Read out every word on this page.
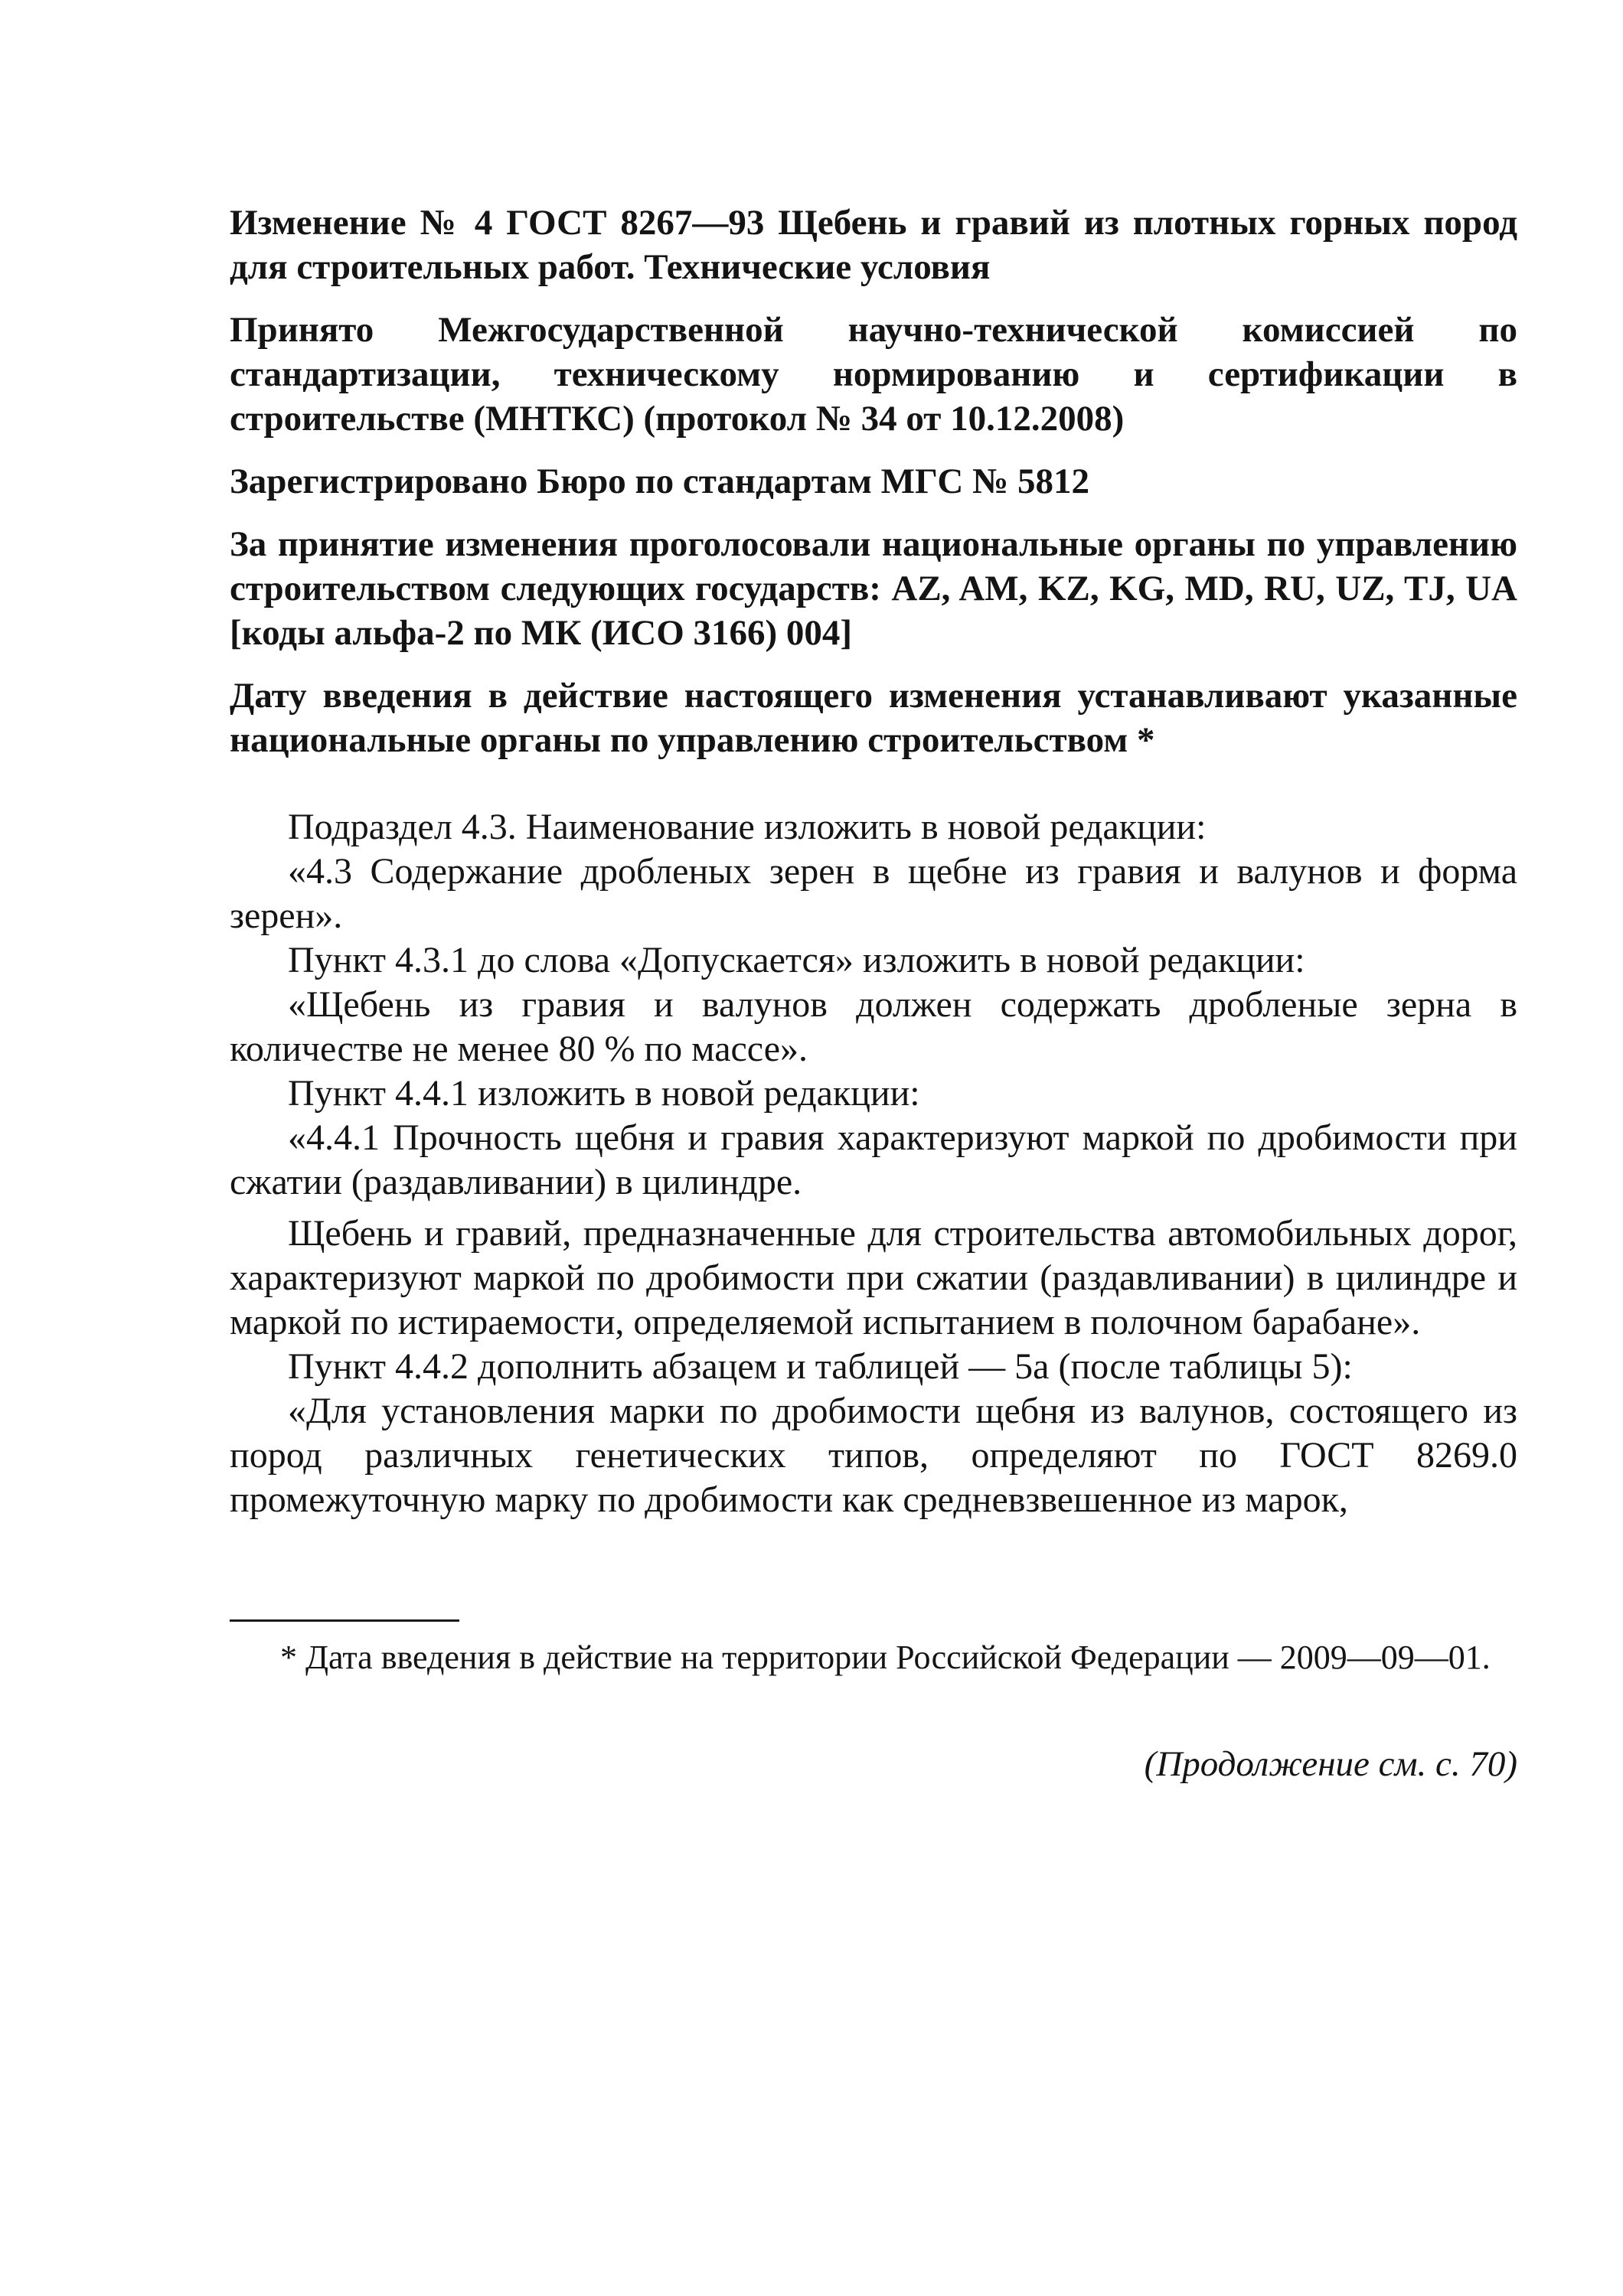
Изменение № 4 ГОСТ 8267—93 Щебень и гравий из плотных горных пород для строительных работ. Технические условия

Принято Межгосударственной научно-технической комиссией по стандартизации, техническому нормированию и сертификации в строительстве (МНТКС) (протокол № 34 от 10.12.2008)

Зарегистрировано Бюро по стандартам МГС № 5812

За принятие изменения проголосовали национальные органы по управлению строительством следующих государств: AZ, AM, KZ, KG, MD, RU, UZ, TJ, UA [коды альфа-2 по МК (ИСО 3166) 004]

Дату введения в действие настоящего изменения устанавливают указанные национальные органы по управлению строительством *

Подраздел 4.3. Наименование изложить в новой редакции:

«4.3 Содержание дробленых зерен в щебне из гравия и валунов и форма зерен».

Пункт 4.3.1 до слова «Допускается» изложить в новой редакции:

«Щебень из гравия и валунов должен содержать дробленые зерна в количестве не менее 80 % по массе».

Пункт 4.4.1 изложить в новой редакции:

«4.4.1 Прочность щебня и гравия характеризуют маркой по дробимости при сжатии (раздавливании) в цилиндре.

Щебень и гравий, предназначенные для строительства автомобильных дорог, характеризуют маркой по дробимости при сжатии (раздавливании) в цилиндре и маркой по истираемости, определяемой испытанием в полочном барабане».

Пункт 4.4.2 дополнить абзацем и таблицей — 5а (после таблицы 5):

«Для установления марки по дробимости щебня из валунов, состоящего из пород различных генетических типов, определяют по ГОСТ 8269.0 промежуточную марку по дробимости как средневзвешенное из марок,

* Дата введения в действие на территории Российской Федерации — 2009—09—01.

(Продолжение см. с. 70)
